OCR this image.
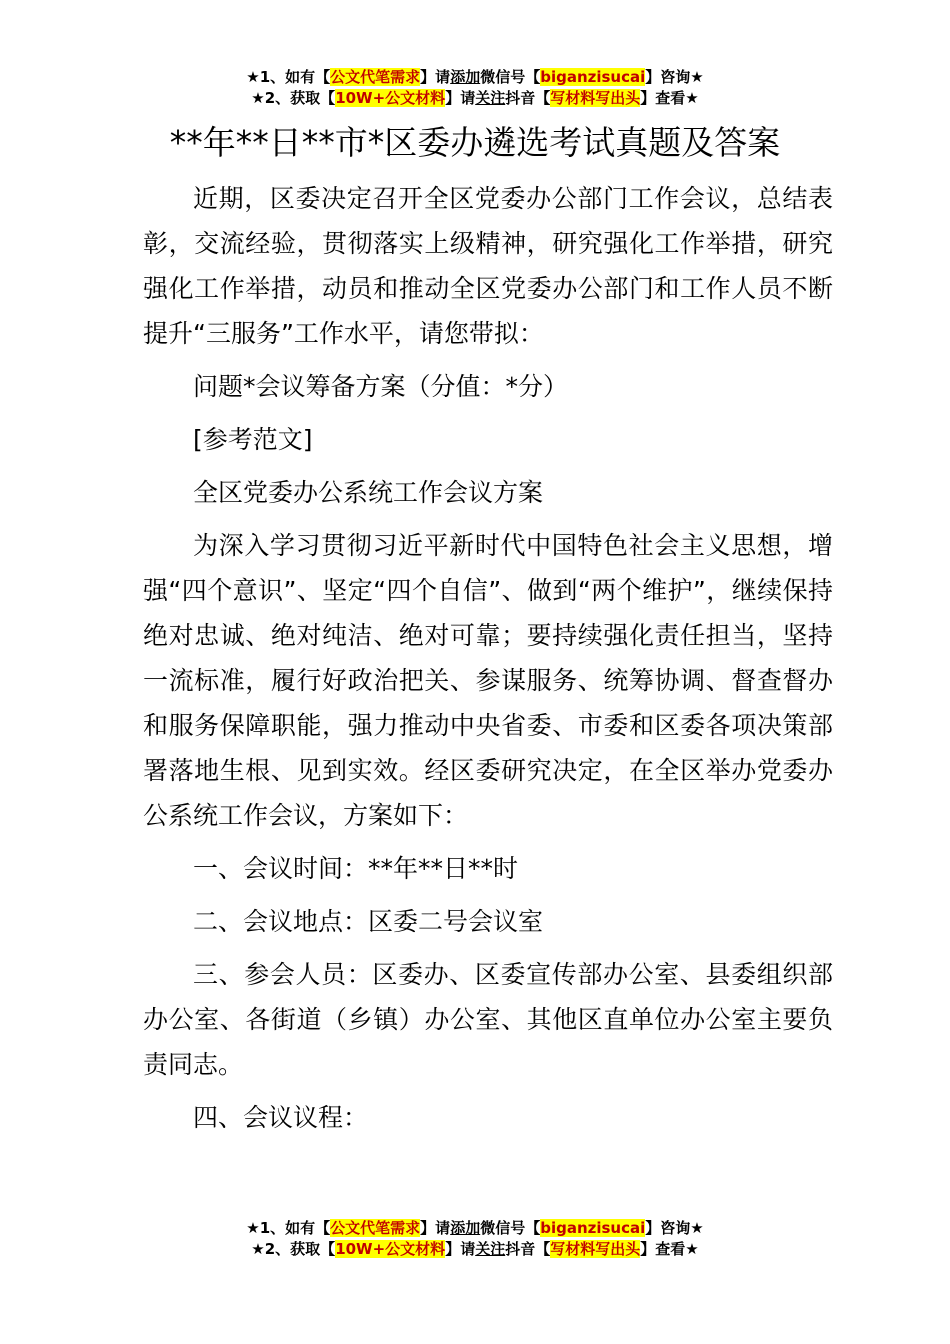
★1、如有【公文代笔需求】请添加微信号【biganzisucai】咨询★
★2、获取【10W+公文材料】请关注抖音【写材料写出头】查看★
**年**日**市*区委办遴选考试真题及答案

近期，区委决定召开全区党委办公部门工作会议，总结表彰，交流经验，贯彻落实上级精神，研究强化工作举措，研究强化工作举措，动员和推动全区党委办公部门和工作人员不断提升“三服务”工作水平，请您带拟：

问题*会议筹备方案（分值：*分）

[参考范文]

全区党委办公系统工作会议方案

为深入学习贯彻习近平新时代中国特色社会主义思想，增强“四个意识”、坚定“四个自信”、做到“两个维护”，继续保持绝对忠诚、绝对纯洁、绝对可靠；要持续强化责任担当，坚持一流标准，履行好政治把关、参谋服务、统筹协调、督查督办和服务保障职能，强力推动中央省委、市委和区委各项决策部署落地生根、见到实效。经区委研究决定，在全区举办党委办公系统工作会议，方案如下：

一、会议时间：**年**日**时

二、会议地点：区委二号会议室

三、参会人员：区委办、区委宣传部办公室、县委组织部办公室、各街道（乡镇）办公室、其他区直单位办公室主要负责同志。

四、会议议程：

★1、如有【公文代笔需求】请添加微信号【biganzisucai】咨询★
★2、获取【10W+公文材料】请关注抖音【写材料写出头】查看★
